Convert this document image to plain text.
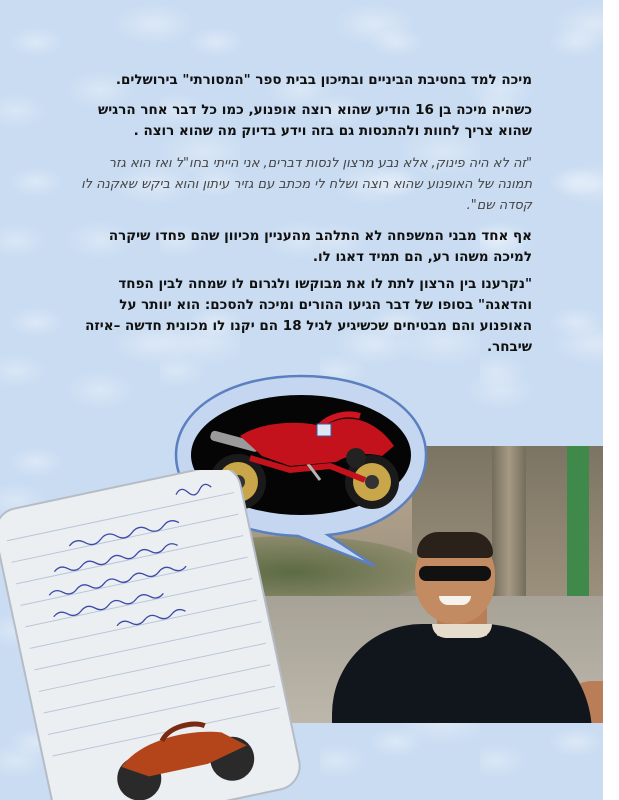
מיכה למד בחטיבת הביניים ובתיכון בבית ספר "המסורתי" בירושלים.

כשהיה מיכה בן 16 הודיע שהוא רוצה אופנוע, כמו כל דבר אחר הרגיש שהוא צריך לחוות ולהתנסות גם בזה וידע בדיוק מה שהוא רוצה .

"זה לא היה פינוק, אלא נבע מרצון לנסות דברים, אני הייתי בחו"ל ואז הוא גזר תמונה של האופנוע שהוא רוצה ושלח לי מכתב עם גזיר עיתון והוא ביקש שאקנה לו קסדה שם".

אף אחד מבני המשפחה לא התלהב מהעניין מכיוון שהם פחדו שיקרה למיכה משהו רע, הם תמיד דאגו לו.

"נקרענו בין הרצון לתת לו את מבוקשו ולגרום לו שמחה לבין הפחד והדאגה" בסופו של דבר הגיעו ההורים ומיכה להסכם: הוא יוותר על האופנוע והם מבטיחים שכשיגיע לגיל 18 הם יקנו לו מכונית חדשה –איזה שיבחר.
